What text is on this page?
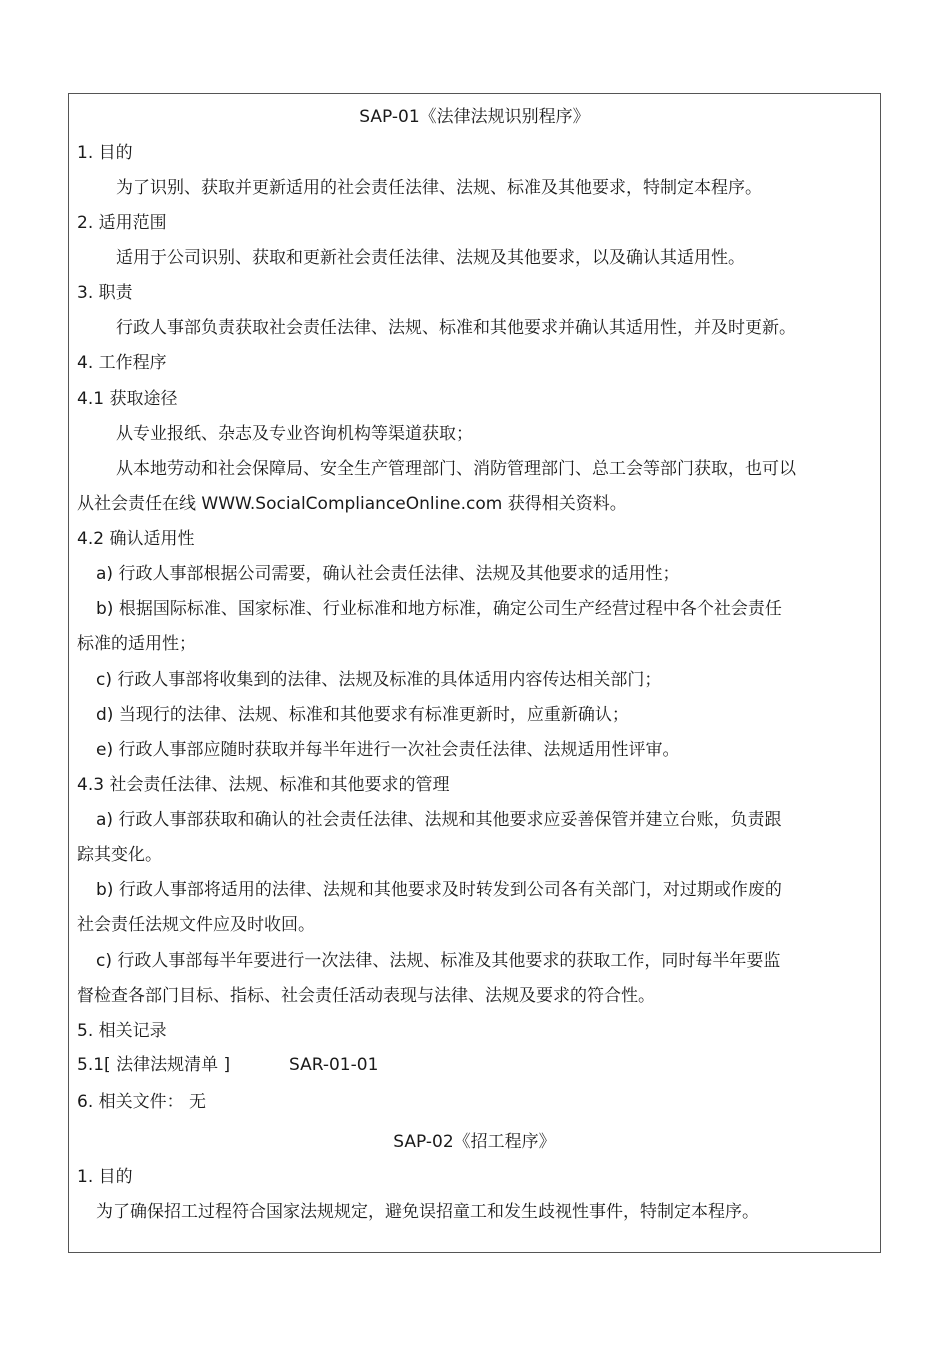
SAP-01《法律法规识别程序》
1. 目的
为了识别、获取并更新适用的社会责任法律、法规、标准及其他要求，特制定本程序。
2. 适用范围
适用于公司识别、获取和更新社会责任法律、法规及其他要求，以及确认其适用性。
3. 职责
行政人事部负责获取社会责任法律、法规、标准和其他要求并确认其适用性，并及时更新。
4. 工作程序
4.1 获取途径
从专业报纸、杂志及专业咨询机构等渠道获取；
从本地劳动和社会保障局、安全生产管理部门、消防管理部门、总工会等部门获取，也可以
从社会责任在线 WWW.SocialComplianceOnline.com 获得相关资料。
4.2 确认适用性
a) 行政人事部根据公司需要，确认社会责任法律、法规及其他要求的适用性；
b) 根据国际标准、国家标准、行业标准和地方标准，确定公司生产经营过程中各个社会责任
标准的适用性；
c) 行政人事部将收集到的法律、法规及标准的具体适用内容传达相关部门；
d) 当现行的法律、法规、标准和其他要求有标准更新时，应重新确认；
e) 行政人事部应随时获取并每半年进行一次社会责任法律、法规适用性评审。
4.3 社会责任法律、法规、标准和其他要求的管理
a) 行政人事部获取和确认的社会责任法律、法规和其他要求应妥善保管并建立台账，负责跟
踪其变化。
b) 行政人事部将适用的法律、法规和其他要求及时转发到公司各有关部门，对过期或作废的
社会责任法规文件应及时收回。
c) 行政人事部每半年要进行一次法律、法规、标准及其他要求的获取工作，同时每半年要监
督检查各部门目标、指标、社会责任活动表现与法律、法规及要求的符合性。
5. 相关记录
5.1[ 法律法规清单 ]	SAR-01-01
6. 相关文件： 无
SAP-02《招工程序》
1. 目的
为了确保招工过程符合国家法规规定，避免误招童工和发生歧视性事件，特制定本程序。
